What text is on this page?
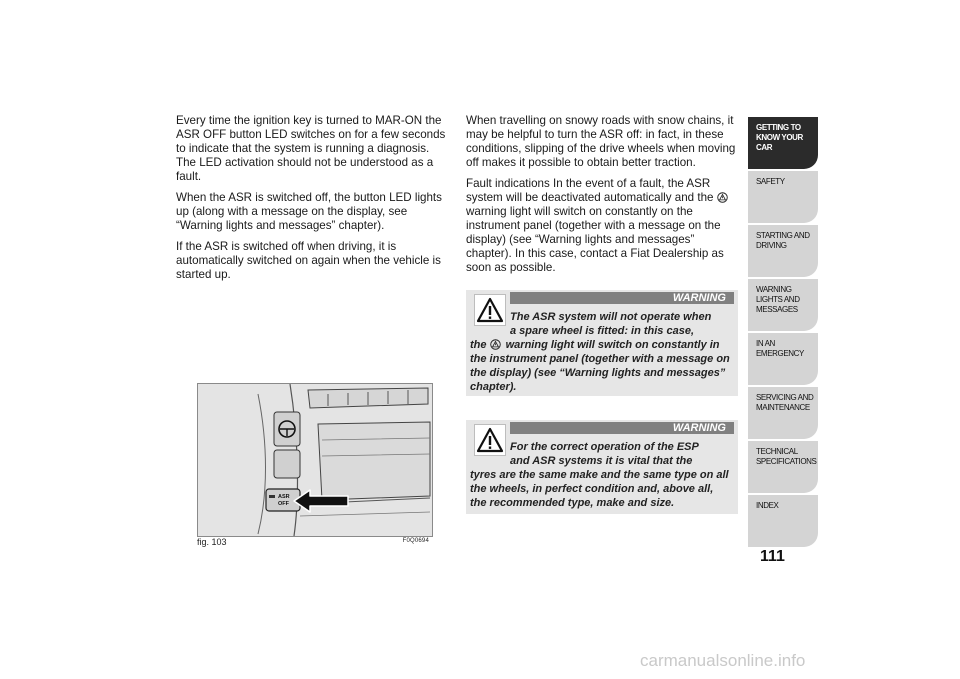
Every time the ignition key is turned to MAR-ON the ASR OFF button LED switches on for a few seconds to indicate that the system is running a diagnosis. The LED activation should not be understood as a fault.

When the ASR is switched off, the button LED lights up (along with a message on the display, see “Warning lights and messages” chapter).

If the ASR is switched off when driving, it is automatically switched on again when the vehicle is started up.

When travelling on snowy roads with snow chains, it may be helpful to turn the ASR off: in fact, in these conditions, slipping of the drive wheels when moving off makes it possible to obtain better traction.

Fault indications In the event of a fault, the ASR system will be deactivated automatically and the  warning light will switch on constantly on the instrument panel (together with a message on the display) (see “Warning lights and messages” chapter). In this case, contact a Fiat Dealership as soon as possible.

WARNING
The ASR system will not operate when
a spare wheel is fitted: in this case,
the warning light will switch on constantly in the instrument panel (together with a message on the display) (see “Warning lights and messages” chapter).
WARNING
For the correct operation of the ESP
and ASR systems it is vital that the
tyres are the same make and the same type on all the wheels, in perfect condition and, above all, the recommended type, make and size.
ASR
OFF
fig. 103	F0Q0694
GETTING TO KNOW YOUR CAR
SAFETY
STARTING AND DRIVING
WARNING LIGHTS AND MESSAGES
IN AN EMERGENCY
SERVICING AND MAINTENANCE
TECHNICAL SPECIFICATIONS
INDEX
111
carmanualsonline.info
